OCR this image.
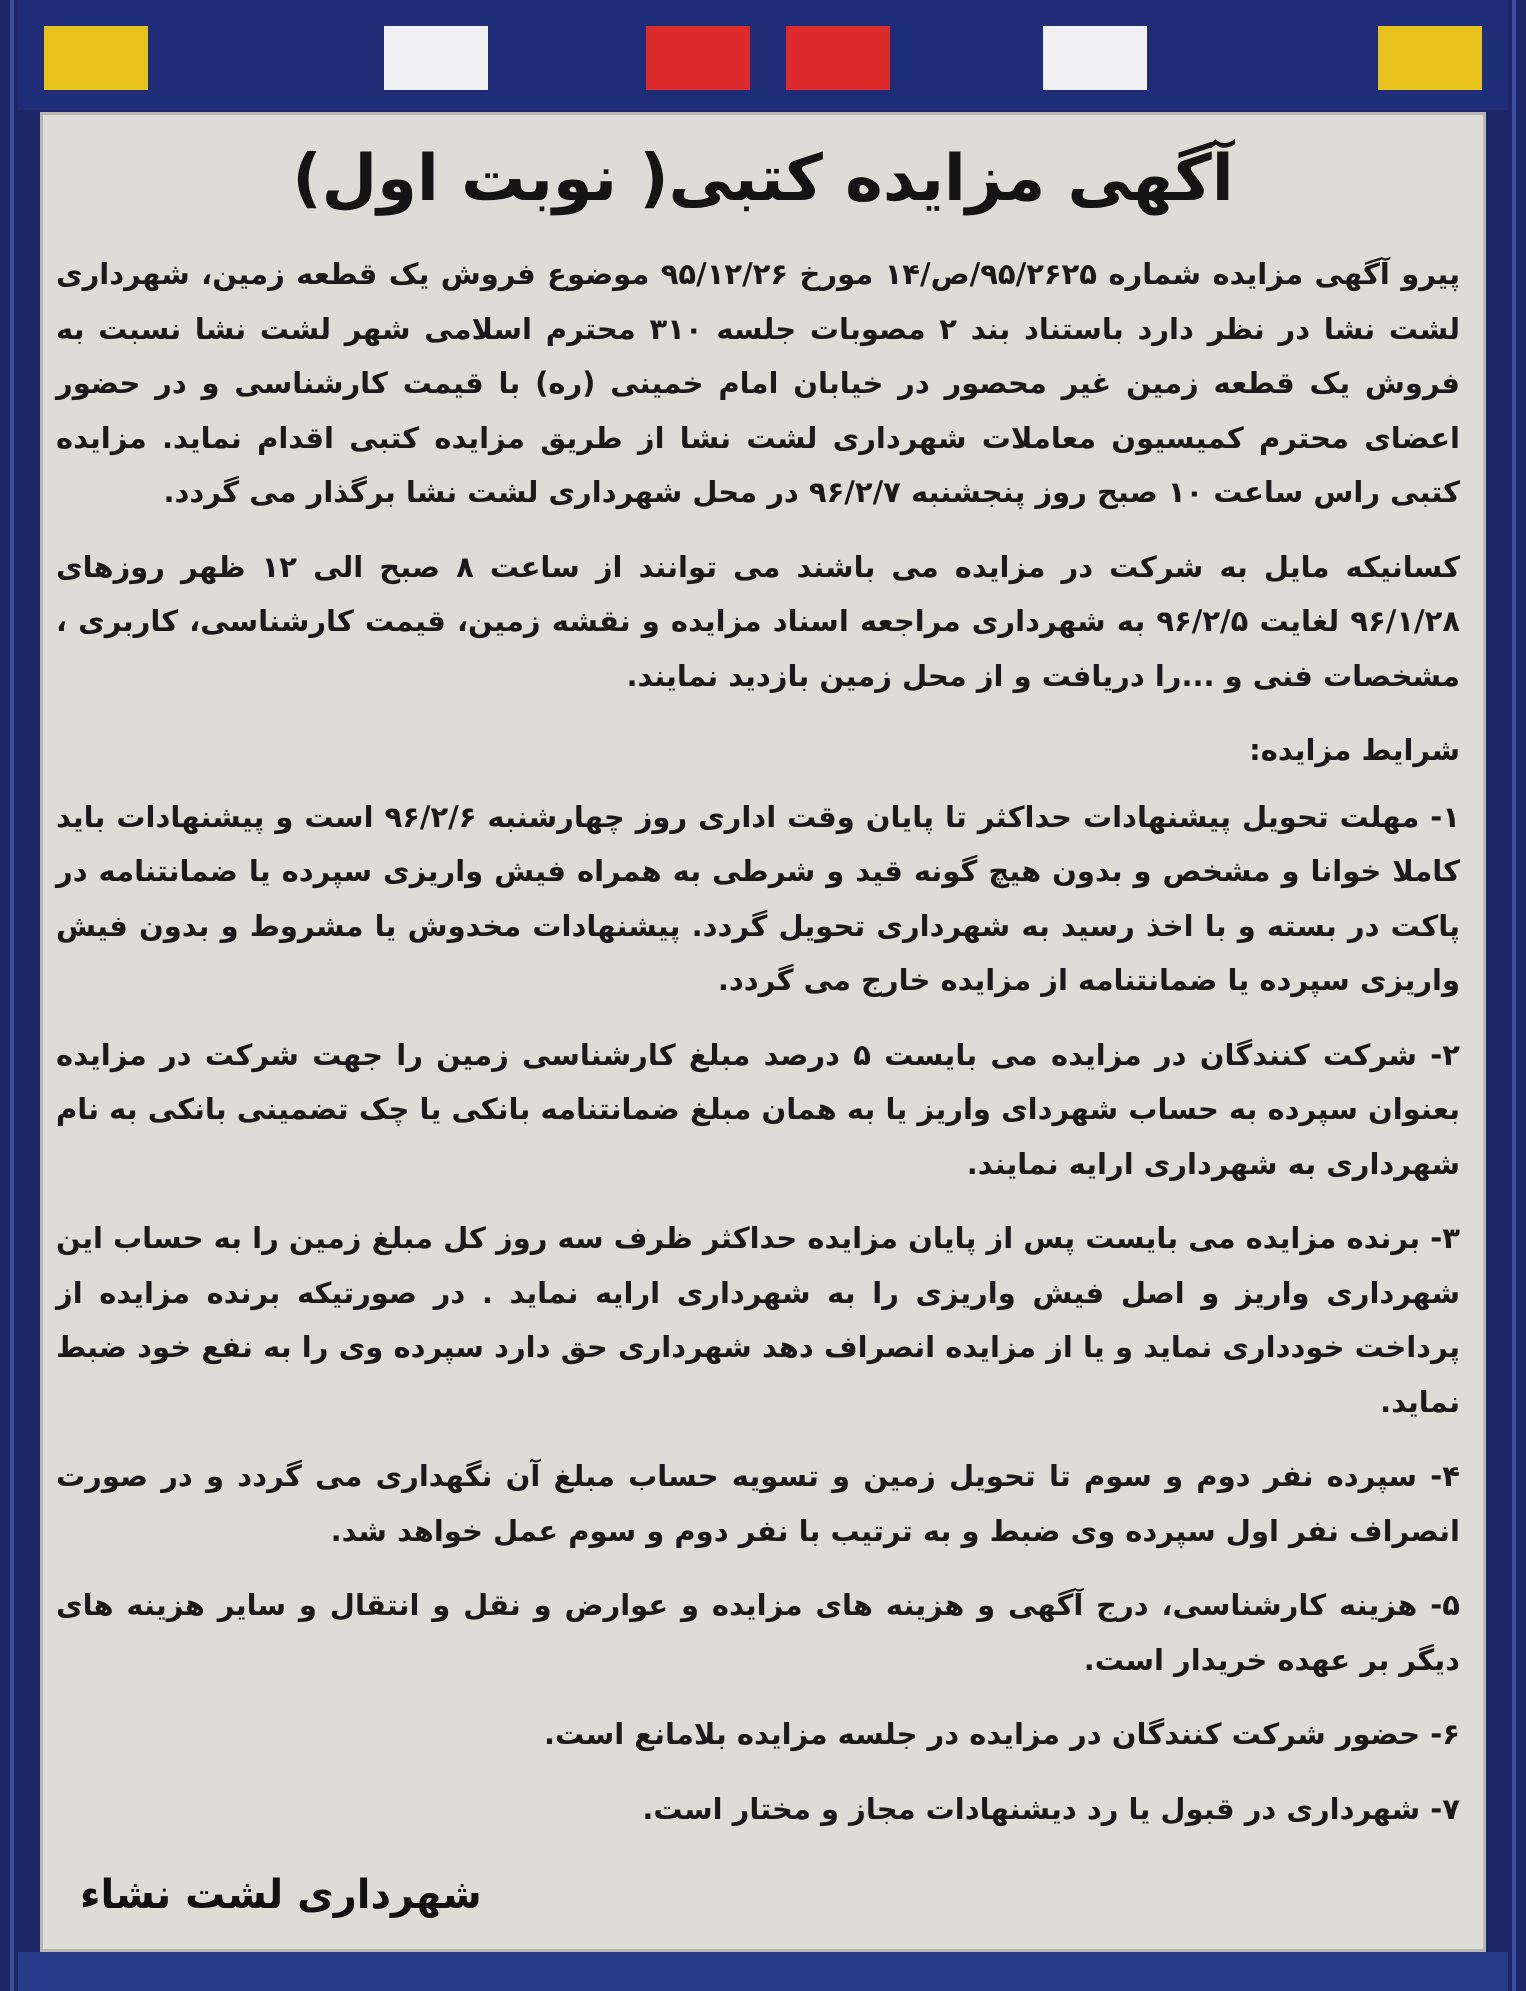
آگهی مزایده کتبی( نوبت اول)

پیرو آگهی مزایده شماره ۹۵/۲۶۲۵/ص/۱۴ مورخ ۹۵/۱۲/۲۶ موضوع فروش یک قطعه زمین، شهرداری لشت نشا در نظر دارد باستناد بند ۲ مصوبات جلسه ۳۱۰ محترم اسلامی شهر لشت نشا نسبت به فروش یک قطعه زمین غیر محصور در خیابان امام خمینی (ره) با قیمت کارشناسی و در حضور اعضای محترم کمیسیون معاملات شهرداری لشت نشا از طریق مزایده کتبی اقدام نماید. مزایده کتبی راس ساعت ۱۰ صبح روز پنجشنبه ۹۶/۲/۷ در محل شهرداری لشت نشا برگذار می گردد.

کسانیکه مایل به شرکت در مزایده می باشند می توانند از ساعت ۸ صبح الی ۱۲ ظهر روزهای ۹۶/۱/۲۸ لغایت ۹۶/۲/۵ به شهرداری مراجعه اسناد مزایده و نقشه زمین، قیمت کارشناسی، کاربری ، مشخصات فنی و ...را دریافت و از محل زمین بازدید نمایند.

شرایط مزایده:

۱- مهلت تحویل پیشنهادات حداکثر تا پایان وقت اداری روز چهارشنبه ۹۶/۲/۶ است و پیشنهادات باید کاملا خوانا و مشخص و بدون هیچ گونه قید و شرطی به همراه فیش واریزی سپرده یا ضمانتنامه در پاکت در بسته و با اخذ رسید به شهرداری تحویل گردد. پیشنهادات مخدوش یا مشروط و بدون فیش واریزی سپرده یا ضمانتنامه از مزایده خارج می گردد.

۲- شرکت کنندگان در مزایده می بایست ۵ درصد مبلغ کارشناسی زمین را جهت شرکت در مزایده بعنوان سپرده به حساب شهردای واریز یا به همان مبلغ ضمانتنامه بانکی یا چک تضمینی بانکی به نام شهرداری به شهرداری ارایه نمایند.

۳- برنده مزایده می بایست پس از پایان مزایده حداکثر ظرف سه روز کل مبلغ زمین را به حساب این شهرداری واریز و اصل فیش واریزی را به شهرداری ارایه نماید . در صورتیکه برنده مزایده از پرداخت خودداری نماید و یا از مزایده انصراف دهد شهرداری حق دارد سپرده وی را به نفع خود ضبط نماید.

۴- سپرده نفر دوم و سوم تا تحویل زمین و تسویه حساب مبلغ آن نگهداری می گردد و در صورت انصراف نفر اول سپرده وی ضبط و به ترتیب با نفر دوم و سوم عمل خواهد شد.

۵- هزینه کارشناسی، درج آگهی و هزینه های مزایده و عوارض و نقل و انتقال و سایر هزینه های دیگر بر عهده خریدار است.

۶- حضور شرکت کنندگان در مزایده در جلسه مزایده بلامانع است.

۷- شهرداری در قبول یا رد دیشنهادات مجاز و مختار است.

شهرداری لشت نشاء
